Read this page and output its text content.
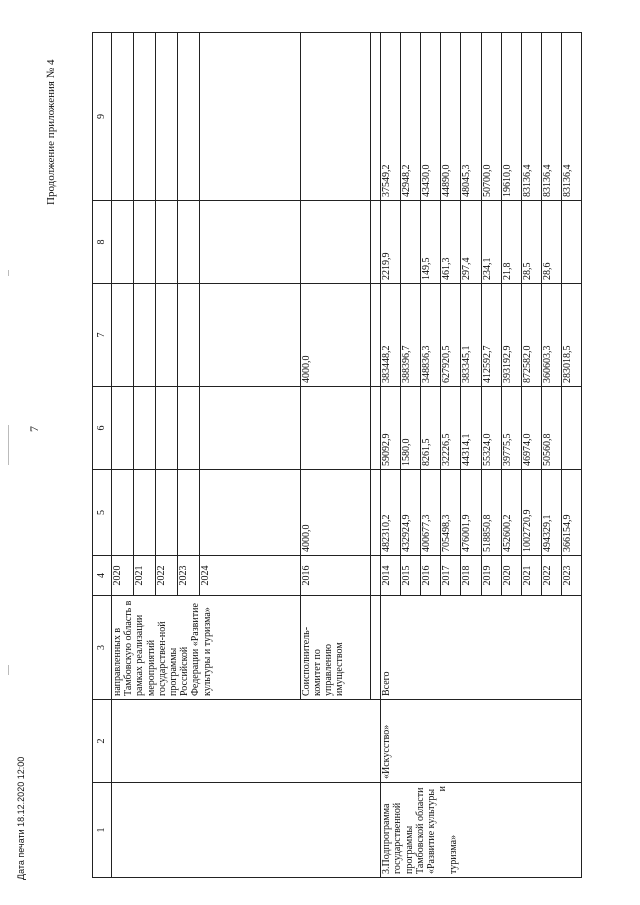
7
Продолжение приложения № 4
Дата печати 18.12.2020 12:00	1	2	3	4	5	6	7	8	9
		направленных в Тамбовскую область в рамках реализации мероприятий государствен-ной программы Российской Федерации «Развитие культуры и туризма»	2020					
			2021					
			2022					
			2023					
			2024					
		Соисполнитель-комитет по управлению имуществом	2016	4000,0		4000,0		

3.Подпрограмма государственной программы Тамбовской области «Развитие культуры
и
туризма»	«Искусство»	Всего	2014	482310,2	59092,9	383448,2	2219,9	37549,2
			2015	432924,9	1580,0	388396,7		42948,2
			2016	400677,3	8261,5	348836,3	149,5	43430,0
			2017	705498,3	32226,5	627920,5	461,3	44890,0
			2018	476001,9	44314,1	383345,1	297,4	48045,3
			2019	518850,8	55324,0	412592,7	234,1	50700,0
			2020	452600,2	39775,5	393192,9	21,8	19610,0
			2021	1002720,9	46974,0	872582,0	28,5	83136,4
			2022	494329,1	50560,8	360603,3	28,6	83136,4
			2023	366154,9		283018,5		83136,4
